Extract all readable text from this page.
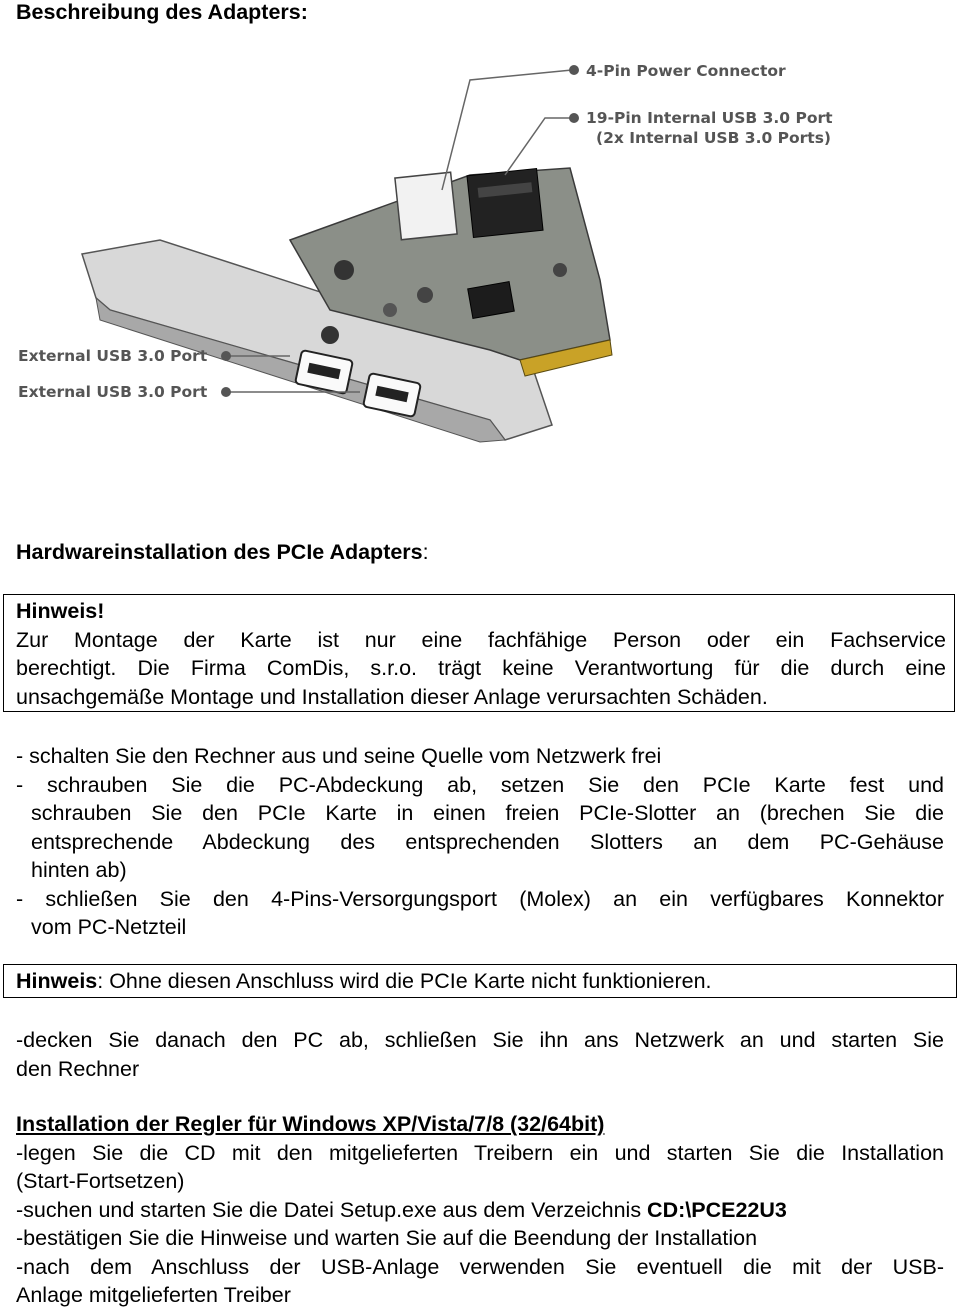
Beschreibung des Adapters:
4-Pin Power Connector
19-Pin Internal USB 3.0 Port
(2x Internal USB 3.0 Ports)
External USB 3.0 Port
External USB 3.0 Port
Hardwareinstallation des PCIe Adapters:
Hinweis!
Zur Montage der Karte ist nur eine fachfähige Person oder ein Fachservice
berechtigt. Die Firma ComDis, s.r.o. trägt keine Verantwortung für die durch eine
unsachgemäße Montage und Installation dieser Anlage verursachten Schäden.
- schalten Sie den Rechner aus und seine Quelle vom Netzwerk frei
- schrauben Sie die PC-Abdeckung ab, setzen Sie den PCIe Karte fest und
schrauben Sie den PCIe Karte in einen freien PCIe-Slotter an (brechen Sie die
entsprechende Abdeckung des entsprechenden Slotters an dem PC-Gehäuse
hinten ab)
- schließen Sie den 4-Pins-Versorgungsport (Molex) an ein verfügbares Konnektor
vom PC-Netzteil
Hinweis: Ohne diesen Anschluss wird die PCIe Karte nicht funktionieren.
-decken Sie danach den PC ab, schließen Sie ihn ans Netzwerk an und starten Sie
den Rechner
Installation der Regler für Windows XP/Vista/7/8 (32/64bit)
-legen Sie die CD mit den mitgelieferten Treibern ein und starten Sie die Installation
(Start-Fortsetzen)
-suchen und starten Sie die Datei Setup.exe aus dem Verzeichnis CD:\PCE22U3
-bestätigen Sie die Hinweise und warten Sie auf die Beendung der Installation
-nach dem Anschluss der USB-Anlage verwenden Sie eventuell die mit der USB-
Anlage mitgelieferten Treiber
